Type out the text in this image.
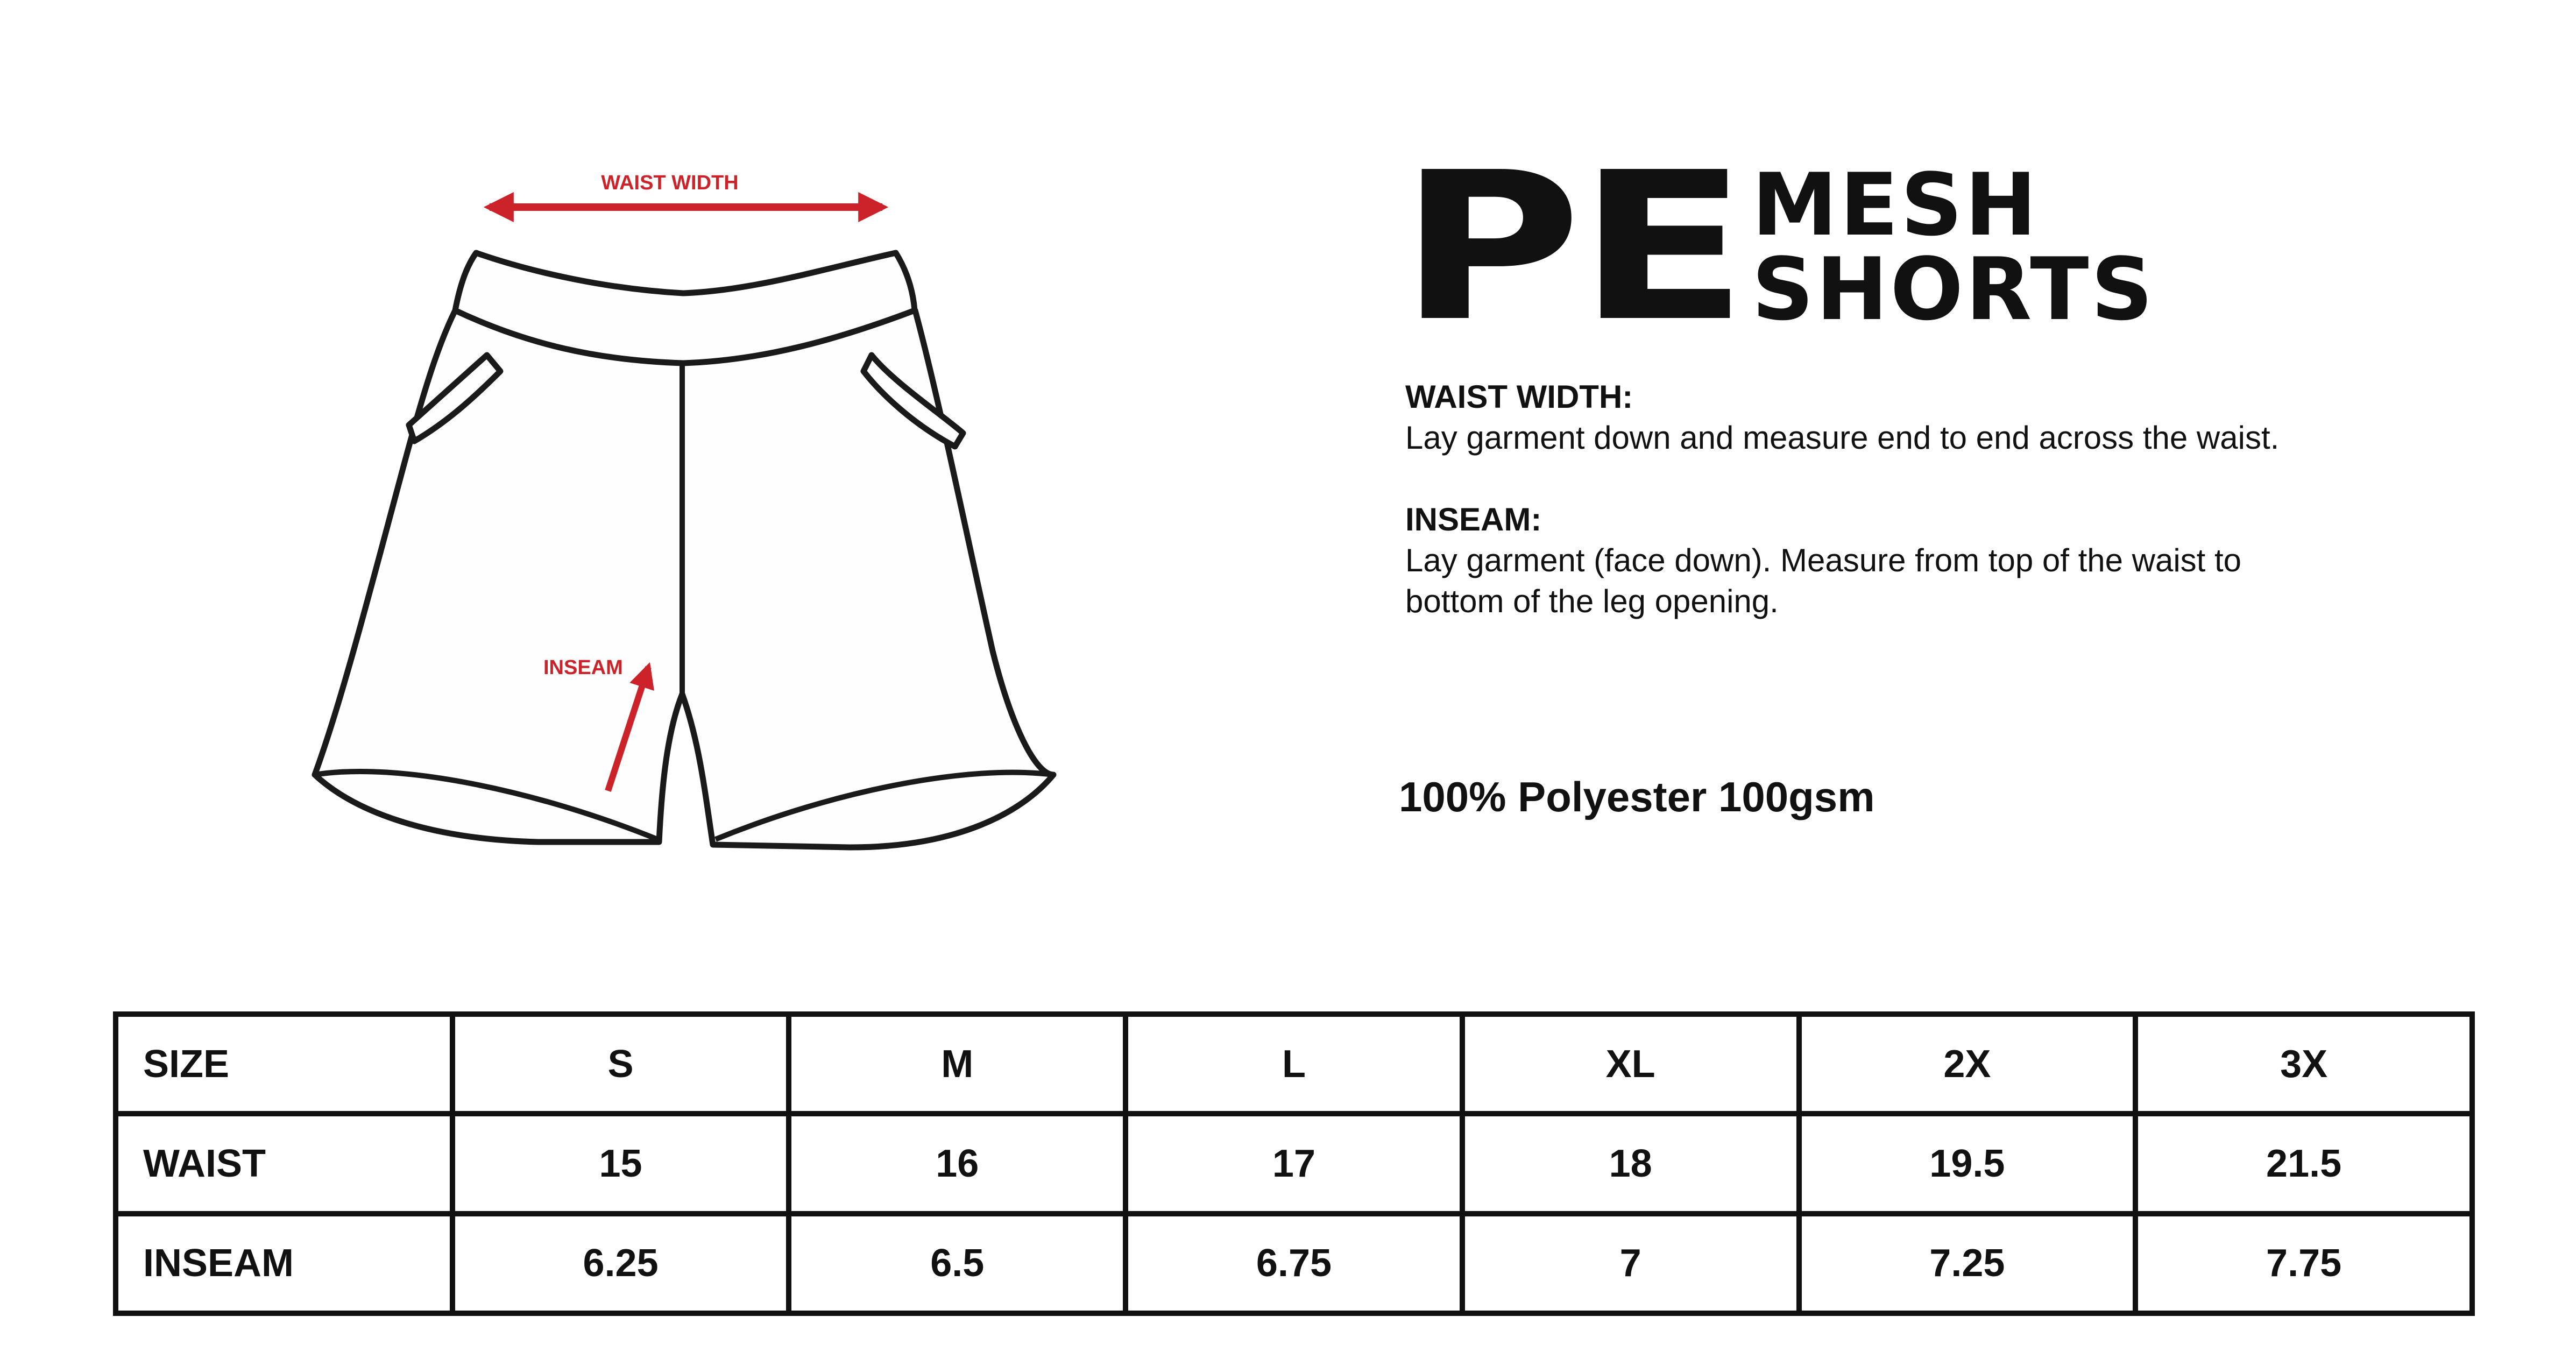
WAIST WIDTH
INSEAM
PE MESH
SHORTS
WAIST WIDTH:
Lay garment down and measure end to end across the waist.
INSEAM:
Lay garment (face down). Measure from top of the waist to bottom of the leg opening.
100% Polyester 100gsm
SIZE	S	M	L	XL	2X	3X
WAIST	15	16	17	18	19.5	21.5
INSEAM	6.25	6.5	6.75	7	7.25	7.75
